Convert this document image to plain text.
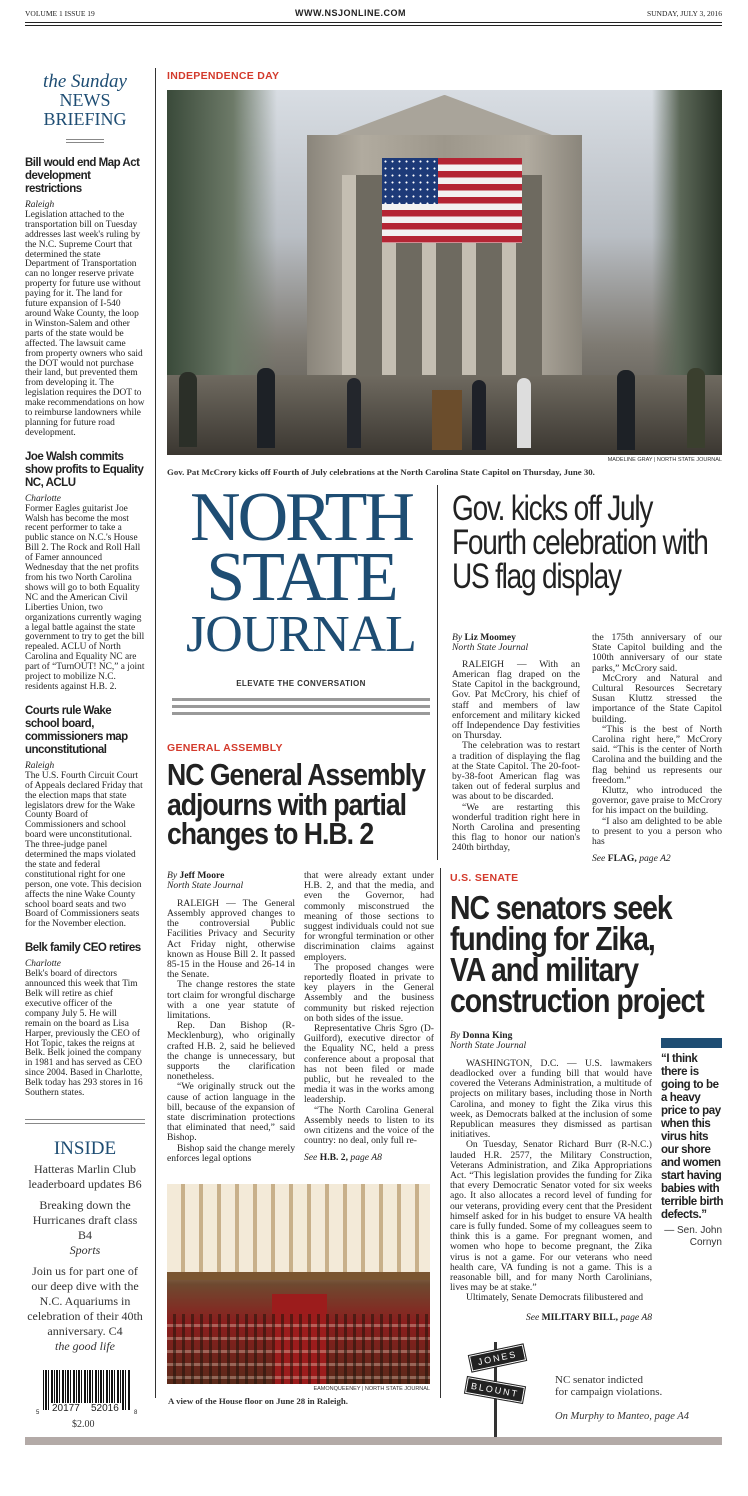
VOLUME 1 ISSUE 19	WWW.NSJONLINE.COM	SUNDAY, JULY 3, 2016
the Sunday
NEWS
BRIEFING
Bill would end Map Act development restrictions
Raleigh
Legislation attached to the transportation bill on Tuesday addresses last week's ruling by the N.C. Supreme Court that determined the state Department of Transportation can no longer reserve private property for future use without paying for it. The land for future expansion of I-540 around Wake County, the loop in Winston-Salem and other parts of the state would be affected. The lawsuit came from property owners who said the DOT would not purchase their land, but prevented them from developing it. The legislation requires the DOT to make recommendations on how to reimburse landowners while planning for future road development.
Joe Walsh commits show profits to Equality NC, ACLU
Charlotte
Former Eagles guitarist Joe Walsh has become the most recent performer to take a public stance on N.C.'s House Bill 2. The Rock and Roll Hall of Famer announced Wednesday that the net profits from his two North Carolina shows will go to both Equality NC and the American Civil Liberties Union, two organizations currently waging a legal battle against the state government to try to get the bill repealed. ACLU of North Carolina and Equality NC are part of “TurnOUT! NC,” a joint project to mobilize N.C. residents against H.B. 2.
Courts rule Wake school board, commissioners map unconstitutional
Raleigh
The U.S. Fourth Circuit Court of Appeals declared Friday that the election maps that state legislators drew for the Wake County Board of Commissioners and school board were unconstitutional. The three-judge panel determined the maps violated the state and federal constitutional right for one person, one vote. This decision affects the nine Wake County school board seats and two Board of Commissioners seats for the November election.
Belk family CEO retires
Charlotte
Belk's board of directors announced this week that Tim Belk will retire as chief executive officer of the company July 5. He will remain on the board as Lisa Harper, previously the CEO of Hot Topic, takes the reigns at Belk. Belk joined the company in 1981 and has served as CEO since 2004. Based in Charlotte, Belk today has 293 stores in 16 Southern states.
INSIDE

Hatteras Marlin Club leaderboard updates B6

Breaking down the Hurricanes draft class B4
Sports

Join us for part one of our deep dive with the N.C. Aquariums in celebration of their 40th anniversary. C4
the good life

5 20177 52016	8
$2.00
INDEPENDENCE DAY
MADELINE GRAY | NORTH STATE JOURNAL
Gov. Pat McCrory kicks off Fourth of July celebrations at the North Carolina State Capitol on Thursday, June 30.
NORTH
STATE
JOURNAL
ELEVATE THE CONVERSATION
Gov. kicks off July Fourth celebration with US flag display
By Liz Moomey
North State Journal

RALEIGH — With an American flag draped on the State Capitol in the background, Gov. Pat McCrory, his chief of staff and members of law enforcement and military kicked off Independence Day festivities on Thursday.

The celebration was to restart a tradition of displaying the flag at the State Capitol. The 20-foot-by-38-foot American flag was taken out of federal surplus and was about to be discarded.

“We are restarting this wonderful tradition right here in North Carolina and presenting this flag to honor our nation's 240th birthday,

the 175th anniversary of our State Capitol building and the 100th anniversary of our state parks,” McCrory said.

McCrory and Natural and Cultural Resources Secretary Susan Kluttz stressed the importance of the State Capitol building.

“This is the best of North Carolina right here,” McCrory said. “This is the center of North Carolina and the building and the flag behind us represents our freedom.”

Kluttz, who introduced the governor, gave praise to McCrory for his impact on the building.

“I also am delighted to be able to present to you a person who has

See FLAG, page A2
GENERAL ASSEMBLY
NC General Assembly
adjourns with partial
changes to H.B. 2
By Jeff Moore
North State Journal

RALEIGH — The General Assembly approved changes to the controversial Public Facilities Privacy and Security Act Friday night, otherwise known as House Bill 2. It passed 85-15 in the House and 26-14 in the Senate.

The change restores the state tort claim for wrongful discharge with a one year statute of limitations.

Rep. Dan Bishop (R-Mecklenburg), who originally crafted H.B. 2, said he believed the change is unnecessary, but supports the clarification nonetheless.

“We originally struck out the cause of action language in the bill, because of the expansion of state discrimination protections that eliminated that need,” said Bishop.

Bishop said the change merely enforces legal options

that were already extant under H.B. 2, and that the media, and even the Governor, had commonly misconstrued the meaning of those sections to suggest individuals could not sue for wrongful termination or other discrimination claims against employers.

The proposed changes were reportedly floated in private to key players in the General Assembly and the business community but risked rejection on both sides of the issue.

Representative Chris Sgro (D-Guilford), executive director of the Equality NC, held a press conference about a proposal that has not been filed or made public, but he revealed to the media it was in the works among leadership.

“The North Carolina General Assembly needs to listen to its own citizens and the voice of the country: no deal, only full re-

See H.B. 2, page A8
EAMONQUEENEY | NORTH STATE JOURNAL
A view of the House floor on June 28 in Raleigh.
U.S. SENATE
NC senators seek
funding for Zika,
VA and military
construction project
By Donna King
North State Journal

WASHINGTON, D.C. — U.S. lawmakers deadlocked over a funding bill that would have covered the Veterans Administration, a multitude of projects on military bases, including those in North Carolina, and money to fight the Zika virus this week, as Democrats balked at the inclusion of some Republican measures they dismissed as partisan initiatives.

On Tuesday, Senator Richard Burr (R-N.C.) lauded H.R. 2577, the Military Construction, Veterans Administration, and Zika Appropriations Act. “This legislation provides the funding for Zika that every Democratic Senator voted for six weeks ago. It also allocates a record level of funding for our veterans, providing every cent that the President himself asked for in his budget to ensure VA health care is fully funded. Some of my colleagues seem to think this is a game. For pregnant women, and women who hope to become pregnant, the Zika virus is not a game. For our veterans who need health care, VA funding is not a game. This is a reasonable bill, and for many North Carolinians, lives may be at stake.”

Ultimately, Senate Democrats filibustered and

See MILITARY BILL, page A8
“I think there is going to be a heavy price to pay when this virus hits our shore and women start having babies with terrible birth defects.”
— Sen. John Cornyn
JONES
BLOUNT
NC senator indicted
for campaign violations.
On Murphy to Manteo, page A4
